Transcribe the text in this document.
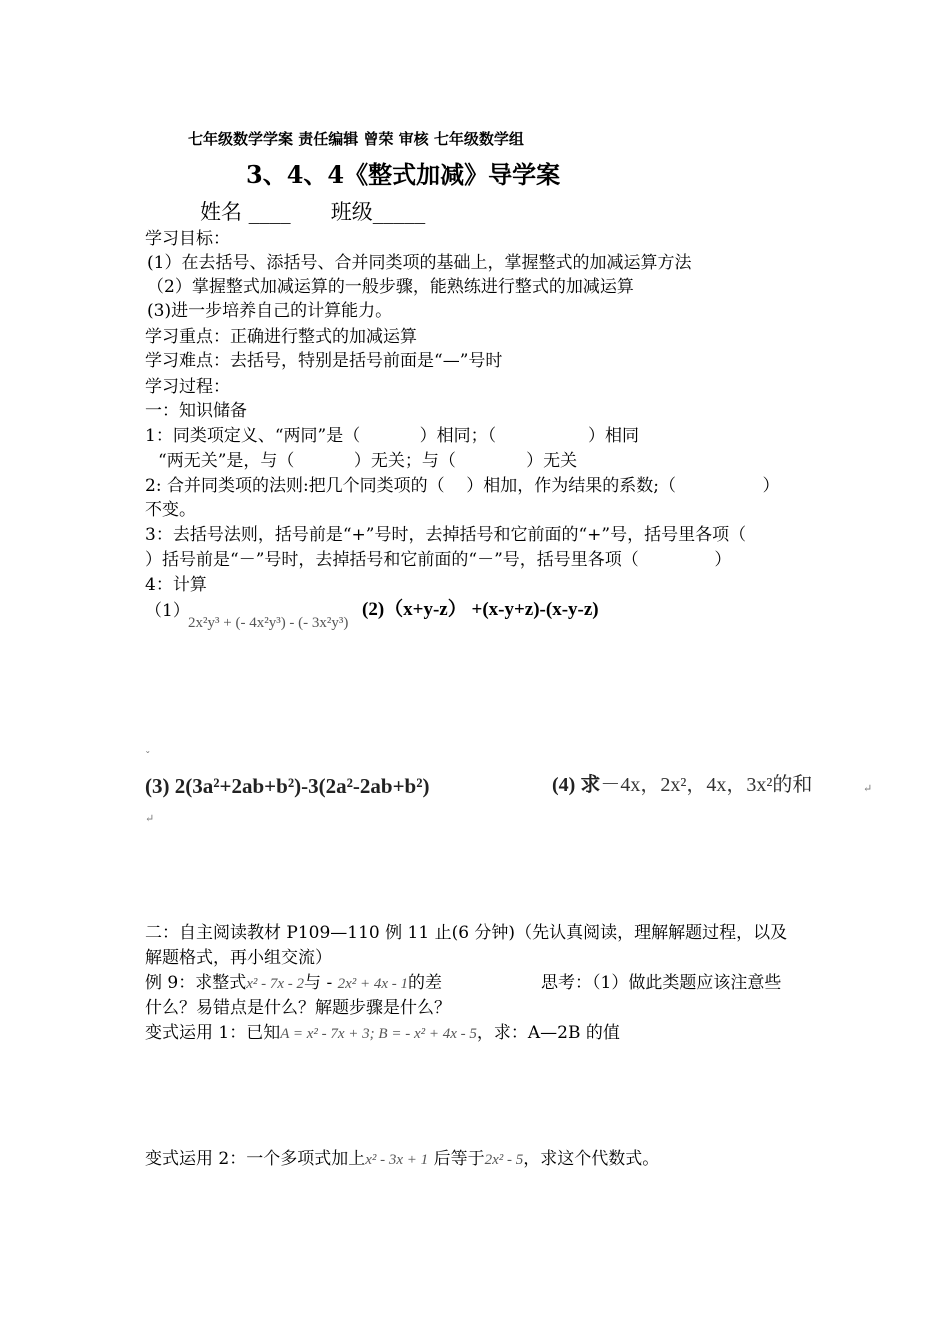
七年级数学学案 责任编辑 曾荣 审核 七年级数学组
3、4、4《整式加减》导学案
姓名 ____      班级_____
学习目标：
(1）在去括号、添括号、合并同类项的基础上，掌握整式的加减运算方法
（2）掌握整式加减运算的一般步骤，能熟练进行整式的加减运算
(3)进一步培养自己的计算能力。
学习重点：正确进行整式的加减运算
学习难点：去括号，特别是括号前面是“—”号时
学习过程：
一：知识储备
1：同类项定义、“两同”是（           ）相同；（                 ）相同
“两无关”是，与（           ）无关；与（             ）无关
2: 合并同类项的法则:把几个同类项的（    ）相加，作为结果的系数;（                ）
不变。
3：去括号法则，括号前是“+”号时，去掉括号和它前面的“+”号，括号里各项（
）括号前是“－”号时，去掉括号和它前面的“－”号，括号里各项（              ）
4：计算
（1）
2x²y³ + (- 4x²y³) - (- 3x²y³)
(2)（x+y-z） +(x-y+z)-(x-y-z)
ˇ
(3) 2(3a²+2ab+b²)-3(2a²-2ab+b²)	(4) 求－4x，2x²，4x，3x²的和
↵
↵
二：自主阅读教材 P109—110 例 11 止(6 分钟)（先认真阅读，理解解题过程，以及
解题格式，再小组交流）
例 9：求整式x² - 7x - 2与 - 2x² + 4x - 1的差	思考：（1）做此类题应该注意些
什么？易错点是什么？解题步骤是什么？
变式运用 1：已知A = x² - 7x + 3; B = - x² + 4x - 5，求：A—2B 的值
变式运用 2：一个多项式加上x² - 3x + 1 后等于2x² - 5，求这个代数式。
